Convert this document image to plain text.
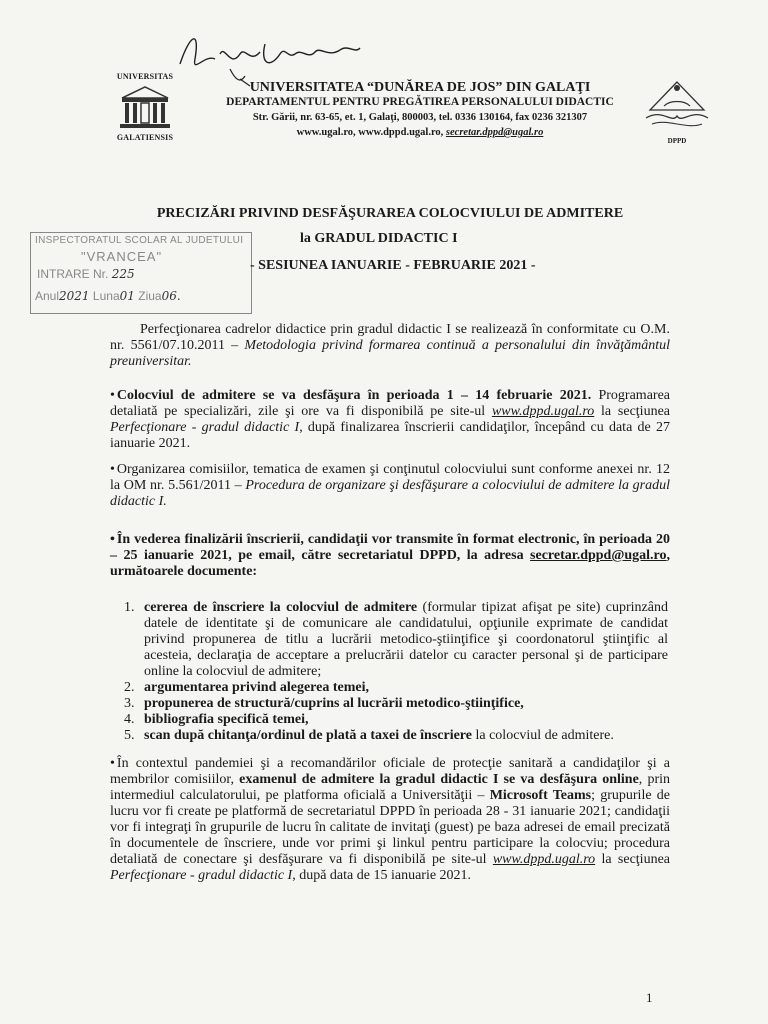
UNIVERSITAS
GALATIENSIS	DPPD
UNIVERSITATEA “DUNĂREA DE JOS” DIN GALAŢI
DEPARTAMENTUL PENTRU PREGĂTIREA PERSONALULUI DIDACTIC
Str. Gării, nr. 63-65, et. 1, Galaţi, 800003, tel. 0336 130164, fax 0236 321307
www.ugal.ro, www.dppd.ugal.ro, secretar.dppd@ugal.ro
INSPECTORATUL SCOLAR AL JUDETULUI
"VRANCEA"
INTRARE Nr. 225
Anul2021 Luna01 Ziua06.
PRECIZĂRI PRIVIND DESFĂŞURAREA COLOCVIULUI DE ADMITERE
la GRADUL DIDACTIC I
- SESIUNEA IANUARIE - FEBRUARIE 2021 -
Perfecţionarea cadrelor didactice prin gradul didactic I se realizează în conformitate cu O.M. nr. 5561/07.10.2011 – Metodologia privind formarea continuă a personalului din învăţământul preuniversitar.
• Colocviul de admitere se va desfăşura în perioada 1 – 14 februarie 2021. Programarea detaliată pe specializări, zile şi ore va fi disponibilă pe site-ul www.dppd.ugal.ro la secţiunea Perfecţionare - gradul didactic I, după finalizarea înscrierii candidaţilor, începând cu data de 27 ianuarie 2021.
• Organizarea comisiilor, tematica de examen şi conţinutul colocviului sunt conforme anexei nr. 12 la OM nr. 5.561/2011 – Procedura de organizare şi desfăşurare a colocviului de admitere la gradul didactic I.
• În vederea finalizării înscrierii, candidaţii vor transmite în format electronic, în perioada 20 – 25 ianuarie 2021, pe email, către secretariatul DPPD, la adresa secretar.dppd@ugal.ro, următoarele documente:
1. cererea de înscriere la colocviul de admitere (formular tipizat afişat pe site) cuprinzând datele de identitate şi de comunicare ale candidatului, opţiunile exprimate de candidat privind propunerea de titlu a lucrării metodico-ştiinţifice şi coordonatorul ştiinţific al acesteia, declaraţia de acceptare a prelucrării datelor cu caracter personal şi de participare online la colocviul de admitere;
2. argumentarea privind alegerea temei,
3. propunerea de structură/cuprins al lucrării metodico-ştiinţifice,
4. bibliografia specifică temei,
5. scan după chitanţa/ordinul de plată a taxei de înscriere la colocviul de admitere.
• În contextul pandemiei şi a recomandărilor oficiale de protecţie sanitară a candidaţilor şi a membrilor comisiilor, examenul de admitere la gradul didactic I se va desfăşura online, prin intermediul calculatorului, pe platforma oficială a Universităţii – Microsoft Teams; grupurile de lucru vor fi create pe platformă de secretariatul DPPD în perioada 28 - 31 ianuarie 2021; candidaţii vor fi integraţi în grupurile de lucru în calitate de invitaţi (guest) pe baza adresei de email precizată în documentele de înscriere, unde vor primi şi linkul pentru participare la colocviu; procedura detaliată de conectare şi desfăşurare va fi disponibilă pe site-ul www.dppd.ugal.ro la secţiunea Perfecţionare - gradul didactic I, după data de 15 ianuarie 2021.
1
